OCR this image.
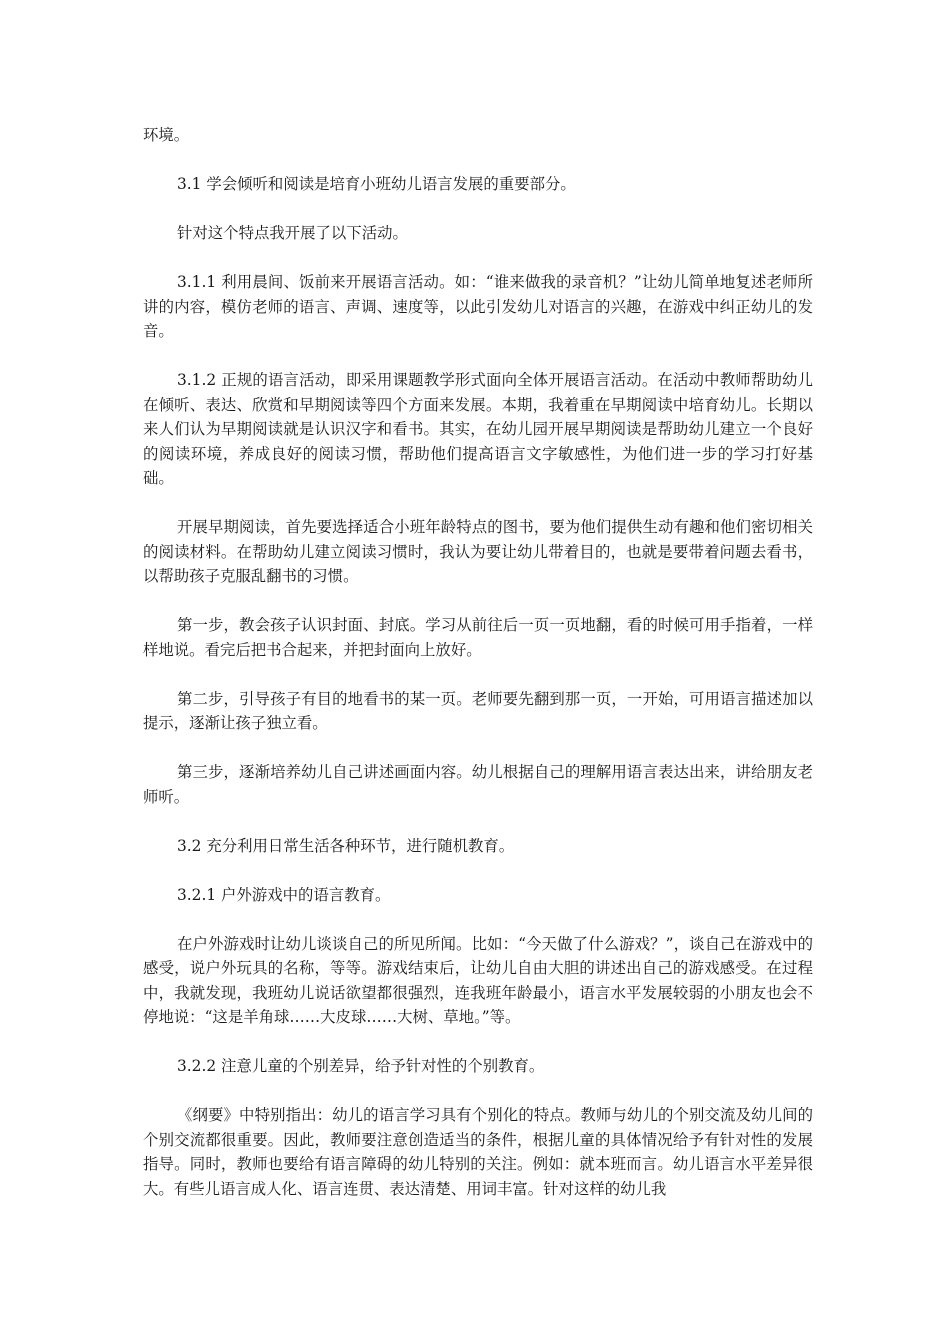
环境。

3.1 学会倾听和阅读是培育小班幼儿语言发展的重要部分。

针对这个特点我开展了以下活动。

3.1.1 利用晨间、饭前来开展语言活动。如：“谁来做我的录音机？”让幼儿简单地复述老师所讲的内容，模仿老师的语言、声调、速度等，以此引发幼儿对语言的兴趣，在游戏中纠正幼儿的发音。

3.1.2 正规的语言活动，即采用课题教学形式面向全体开展语言活动。在活动中教师帮助幼儿在倾听、表达、欣赏和早期阅读等四个方面来发展。本期，我着重在早期阅读中培育幼儿。长期以来人们认为早期阅读就是认识汉字和看书。其实，在幼儿园开展早期阅读是帮助幼儿建立一个良好的阅读环境，养成良好的阅读习惯，帮助他们提高语言文字敏感性，为他们进一步的学习打好基础。

开展早期阅读，首先要选择适合小班年龄特点的图书，要为他们提供生动有趣和他们密切相关的阅读材料。在帮助幼儿建立阅读习惯时，我认为要让幼儿带着目的，也就是要带着问题去看书，以帮助孩子克服乱翻书的习惯。

第一步，教会孩子认识封面、封底。学习从前往后一页一页地翻，看的时候可用手指着，一样样地说。看完后把书合起来，并把封面向上放好。

第二步，引导孩子有目的地看书的某一页。老师要先翻到那一页，一开始，可用语言描述加以提示，逐渐让孩子独立看。

第三步，逐渐培养幼儿自己讲述画面内容。幼儿根据自己的理解用语言表达出来，讲给朋友老师听。

3.2 充分利用日常生活各种环节，进行随机教育。

3.2.1 户外游戏中的语言教育。

在户外游戏时让幼儿谈谈自己的所见所闻。比如：“今天做了什么游戏？”，谈自己在游戏中的感受，说户外玩具的名称，等等。游戏结束后，让幼儿自由大胆的讲述出自己的游戏感受。在过程中，我就发现，我班幼儿说话欲望都很强烈，连我班年龄最小，语言水平发展较弱的小朋友也会不停地说：“这是羊角球……大皮球……大树、草地。”等。

3.2.2 注意儿童的个别差异，给予针对性的个别教育。

《纲要》中特别指出：幼儿的语言学习具有个别化的特点。教师与幼儿的个别交流及幼儿间的个别交流都很重要。因此，教师要注意创造适当的条件，根据儿童的具体情况给予有针对性的发展指导。同时，教师也要给有语言障碍的幼儿特别的关注。例如：就本班而言。幼儿语言水平差异很大。有些儿语言成人化、语言连贯、表达清楚、用词丰富。针对这样的幼儿我
